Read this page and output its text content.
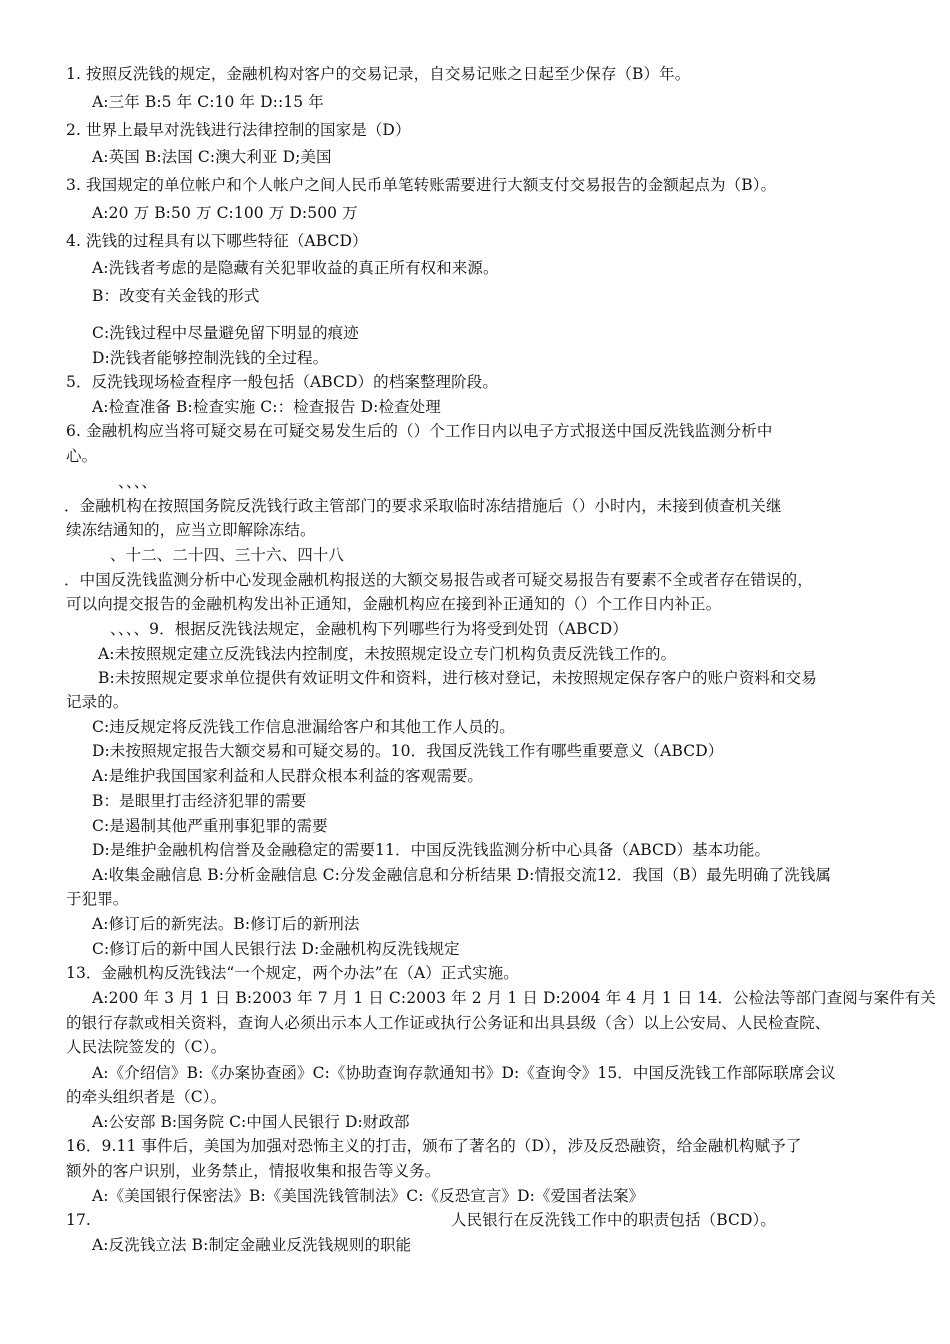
1. 按照反洗钱的规定，金融机构对客户的交易记录，自交易记账之日起至少保存（B）年。
A:三年 B:5 年 C:10 年 D::15 年
2. 世界上最早对洗钱进行法律控制的国家是（D）
A:英国 B:法国 C:澳大利亚 D;美国
3. 我国规定的单位帐户和个人帐户之间人民币单笔转账需要进行大额支付交易报告的金额起点为（B）。
A:20 万 B:50 万 C:100 万 D:500 万
4. 洗钱的过程具有以下哪些特征（ABCD）
A:洗钱者考虑的是隐藏有关犯罪收益的真正所有权和来源。
B：改变有关金钱的形式
C:洗钱过程中尽量避免留下明显的痕迹
D:洗钱者能够控制洗钱的全过程。
5．反洗钱现场检查程序一般包括（ABCD）的档案整理阶段。
A:检查准备 B:检查实施 C:：检查报告 D:检查处理
6. 金融机构应当将可疑交易在可疑交易发生后的（）个工作日内以电子方式报送中国反洗钱监测分析中
心。
、、、、
．金融机构在按照国务院反洗钱行政主管部门的要求采取临时冻结措施后（）小时内，未接到侦查机关继
续冻结通知的，应当立即解除冻结。
、十二、二十四、三十六、四十八
．中国反洗钱监测分析中心发现金融机构报送的大额交易报告或者可疑交易报告有要素不全或者存在错误的，
可以向提交报告的金融机构发出补正通知，金融机构应在接到补正通知的（）个工作日内补正。
、、、、9．根据反洗钱法规定，金融机构下列哪些行为将受到处罚（ABCD）
A:未按照规定建立反洗钱法内控制度，未按照规定设立专门机构负责反洗钱工作的。
B:未按照规定要求单位提供有效证明文件和资料，进行核对登记，未按照规定保存客户的账户资料和交易
记录的。
C:违反规定将反洗钱工作信息泄漏给客户和其他工作人员的。
D:未按照规定报告大额交易和可疑交易的。10．我国反洗钱工作有哪些重要意义（ABCD）
A:是维护我国国家利益和人民群众根本利益的客观需要。
B：是眼里打击经济犯罪的需要
C:是遏制其他严重刑事犯罪的需要
D:是维护金融机构信誉及金融稳定的需要11．中国反洗钱监测分析中心具备（ABCD）基本功能。
A:收集金融信息 B:分析金融信息 C:分发金融信息和分析结果 D:情报交流12．我国（B）最先明确了洗钱属
于犯罪。
A:修订后的新宪法。B:修订后的新刑法
C:修订后的新中国人民银行法 D:金融机构反洗钱规定
13．金融机构反洗钱法“一个规定，两个办法”在（A）正式实施。
A:200 年 3 月 1 日 B:2003 年 7 月 1 日 C:2003 年 2 月 1 日 D:2004 年 4 月 1 日 14．公检法等部门查阅与案件有关
的银行存款或相关资料，查询人必须出示本人工作证或执行公务证和出具县级（含）以上公安局、人民检查院、
人民法院签发的（C）。
A:《介绍信》B:《办案协查函》C:《协助查询存款通知书》D:《查询令》15．中国反洗钱工作部际联席会议
的牵头组织者是（C）。
A:公安部 B:国务院 C:中国人民银行 D:财政部
16．9.11 事件后，美国为加强对恐怖主义的打击，颁布了著名的（D），涉及反恐融资，给金融机构赋予了
额外的客户识别，业务禁止，情报收集和报告等义务。
A:《美国银行保密法》B:《美国洗钱管制法》C:《反恐宣言》D:《爱国者法案》
17.	人民银行在反洗钱工作中的职责包括（BCD）。
A:反洗钱立法 B:制定金融业反洗钱规则的职能
